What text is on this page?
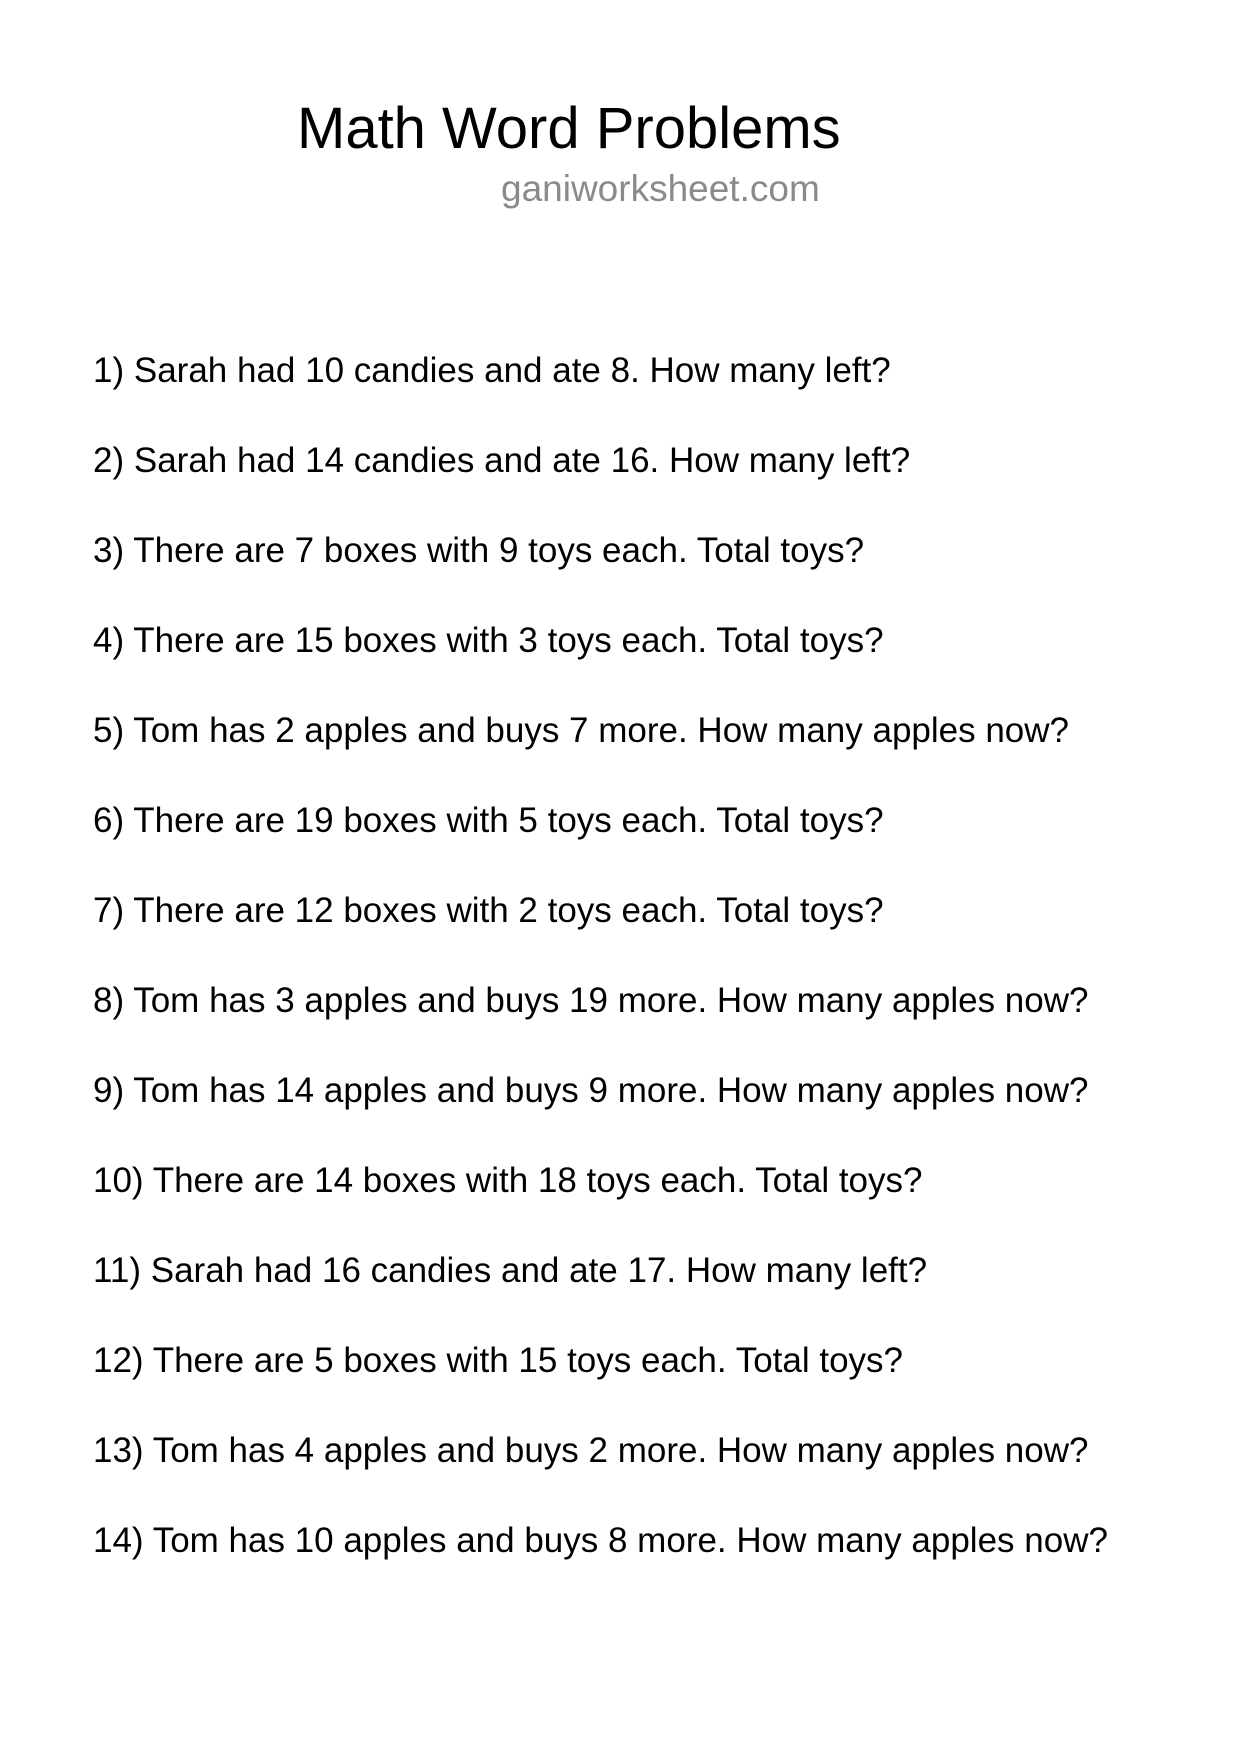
Math Word Problems
ganiworksheet.com
1) Sarah had 10 candies and ate 8. How many left?
2) Sarah had 14 candies and ate 16. How many left?
3) There are 7 boxes with 9 toys each. Total toys?
4) There are 15 boxes with 3 toys each. Total toys?
5) Tom has 2 apples and buys 7 more. How many apples now?
6) There are 19 boxes with 5 toys each. Total toys?
7) There are 12 boxes with 2 toys each. Total toys?
8) Tom has 3 apples and buys 19 more. How many apples now?
9) Tom has 14 apples and buys 9 more. How many apples now?
10) There are 14 boxes with 18 toys each. Total toys?
11) Sarah had 16 candies and ate 17. How many left?
12) There are 5 boxes with 15 toys each. Total toys?
13) Tom has 4 apples and buys 2 more. How many apples now?
14) Tom has 10 apples and buys 8 more. How many apples now?
